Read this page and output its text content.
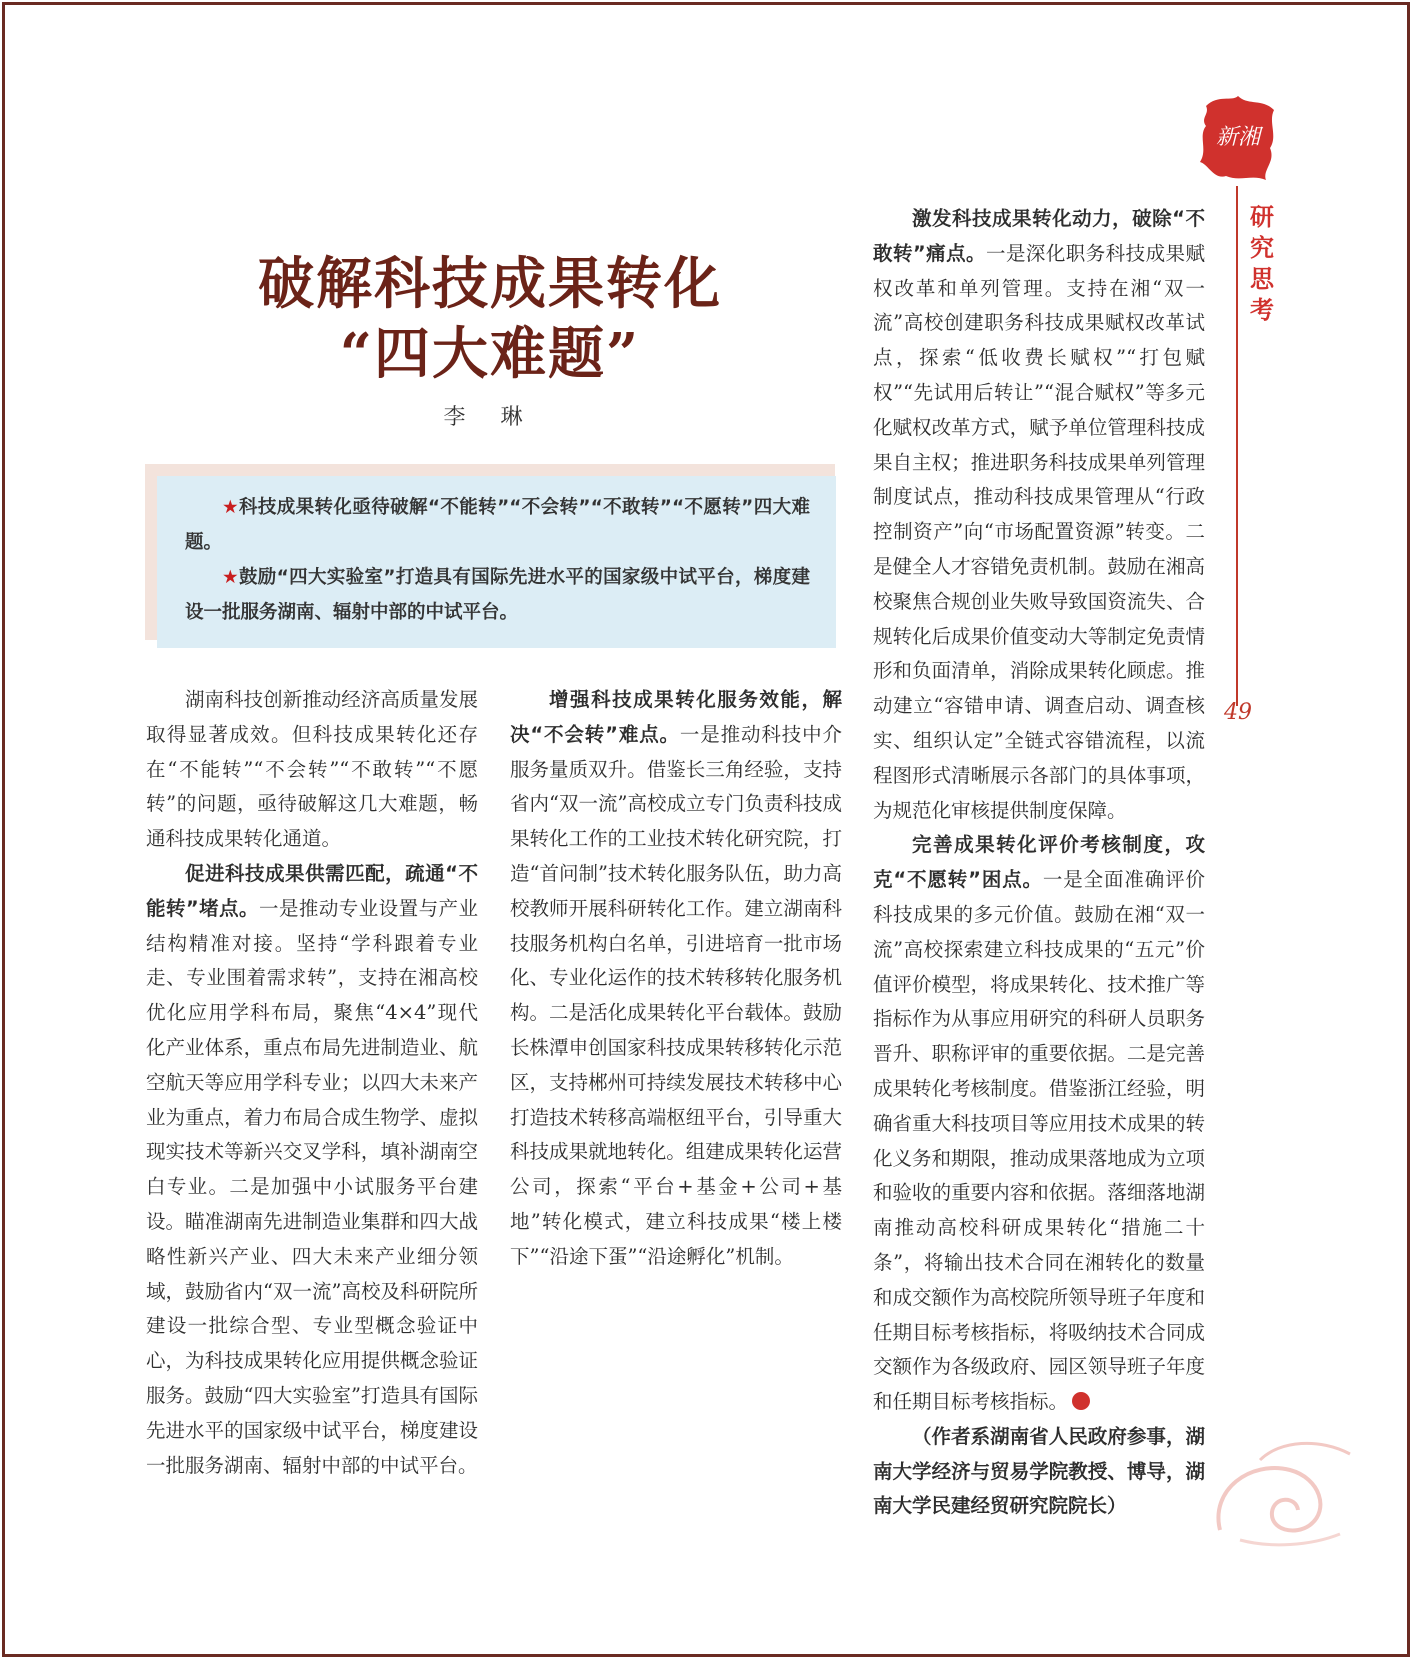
新湘
研究思考
49
破解科技成果转化
“四大难题”
李 琳

★科技成果转化亟待破解“不能转”“不会转”“不敢转”“不愿转”四大难题。

★鼓励“四大实验室”打造具有国际先进水平的国家级中试平台，梯度建设一批服务湖南、辐射中部的中试平台。

湖南科技创新推动经济高质量发展取得显著成效。但科技成果转化还存在“不能转”“不会转”“不敢转”“不愿转”的问题，亟待破解这几大难题，畅通科技成果转化通道。

促进科技成果供需匹配，疏通“不能转”堵点。一是推动专业设置与产业结构精准对接。坚持“学科跟着专业走、专业围着需求转”，支持在湘高校优化应用学科布局，聚焦“4×4”现代化产业体系，重点布局先进制造业、航空航天等应用学科专业；以四大未来产业为重点，着力布局合成生物学、虚拟现实技术等新兴交叉学科，填补湖南空白专业。二是加强中小试服务平台建设。瞄准湖南先进制造业集群和四大战略性新兴产业、四大未来产业细分领域，鼓励省内“双一流”高校及科研院所建设一批综合型、专业型概念验证中心，为科技成果转化应用提供概念验证服务。鼓励“四大实验室”打造具有国际先进水平的国家级中试平台，梯度建设一批服务湖南、辐射中部的中试平台。

增强科技成果转化服务效能，解决“不会转”难点。一是推动科技中介服务量质双升。借鉴长三角经验，支持省内“双一流”高校成立专门负责科技成果转化工作的工业技术转化研究院，打造“首问制”技术转化服务队伍，助力高校教师开展科研转化工作。建立湖南科技服务机构白名单，引进培育一批市场化、专业化运作的技术转移转化服务机构。二是活化成果转化平台载体。鼓励长株潭申创国家科技成果转移转化示范区，支持郴州可持续发展技术转移中心打造技术转移高端枢纽平台，引导重大科技成果就地转化。组建成果转化运营公司，探索“平台+基金+公司+基地”转化模式，建立科技成果“楼上楼下”“沿途下蛋”“沿途孵化”机制。

激发科技成果转化动力，破除“不敢转”痛点。一是深化职务科技成果赋权改革和单列管理。支持在湘“双一流”高校创建职务科技成果赋权改革试点，探索“低收费长赋权”“打包赋权”“先试用后转让”“混合赋权”等多元化赋权改革方式，赋予单位管理科技成果自主权；推进职务科技成果单列管理制度试点，推动科技成果管理从“行政控制资产”向“市场配置资源”转变。二是健全人才容错免责机制。鼓励在湘高校聚焦合规创业失败导致国资流失、合规转化后成果价值变动大等制定免责情形和负面清单，消除成果转化顾虑。推动建立“容错申请、调查启动、调查核实、组织认定”全链式容错流程，以流程图形式清晰展示各部门的具体事项，为规范化审核提供制度保障。

完善成果转化评价考核制度，攻克“不愿转”困点。一是全面准确评价科技成果的多元价值。鼓励在湘“双一流”高校探索建立科技成果的“五元”价值评价模型，将成果转化、技术推广等指标作为从事应用研究的科研人员职务晋升、职称评审的重要依据。二是完善成果转化考核制度。借鉴浙江经验，明确省重大科技项目等应用技术成果的转化义务和期限，推动成果落地成为立项和验收的重要内容和依据。落细落地湖南推动高校科研成果转化“措施二十条”，将输出技术合同在湘转化的数量和成交额作为高校院所领导班子年度和任期目标考核指标，将吸纳技术合同成交额作为各级政府、园区领导班子年度和任期目标考核指标。

（作者系湖南省人民政府参事，湖南大学经济与贸易学院教授、博导，湖南大学民建经贸研究院院长）
